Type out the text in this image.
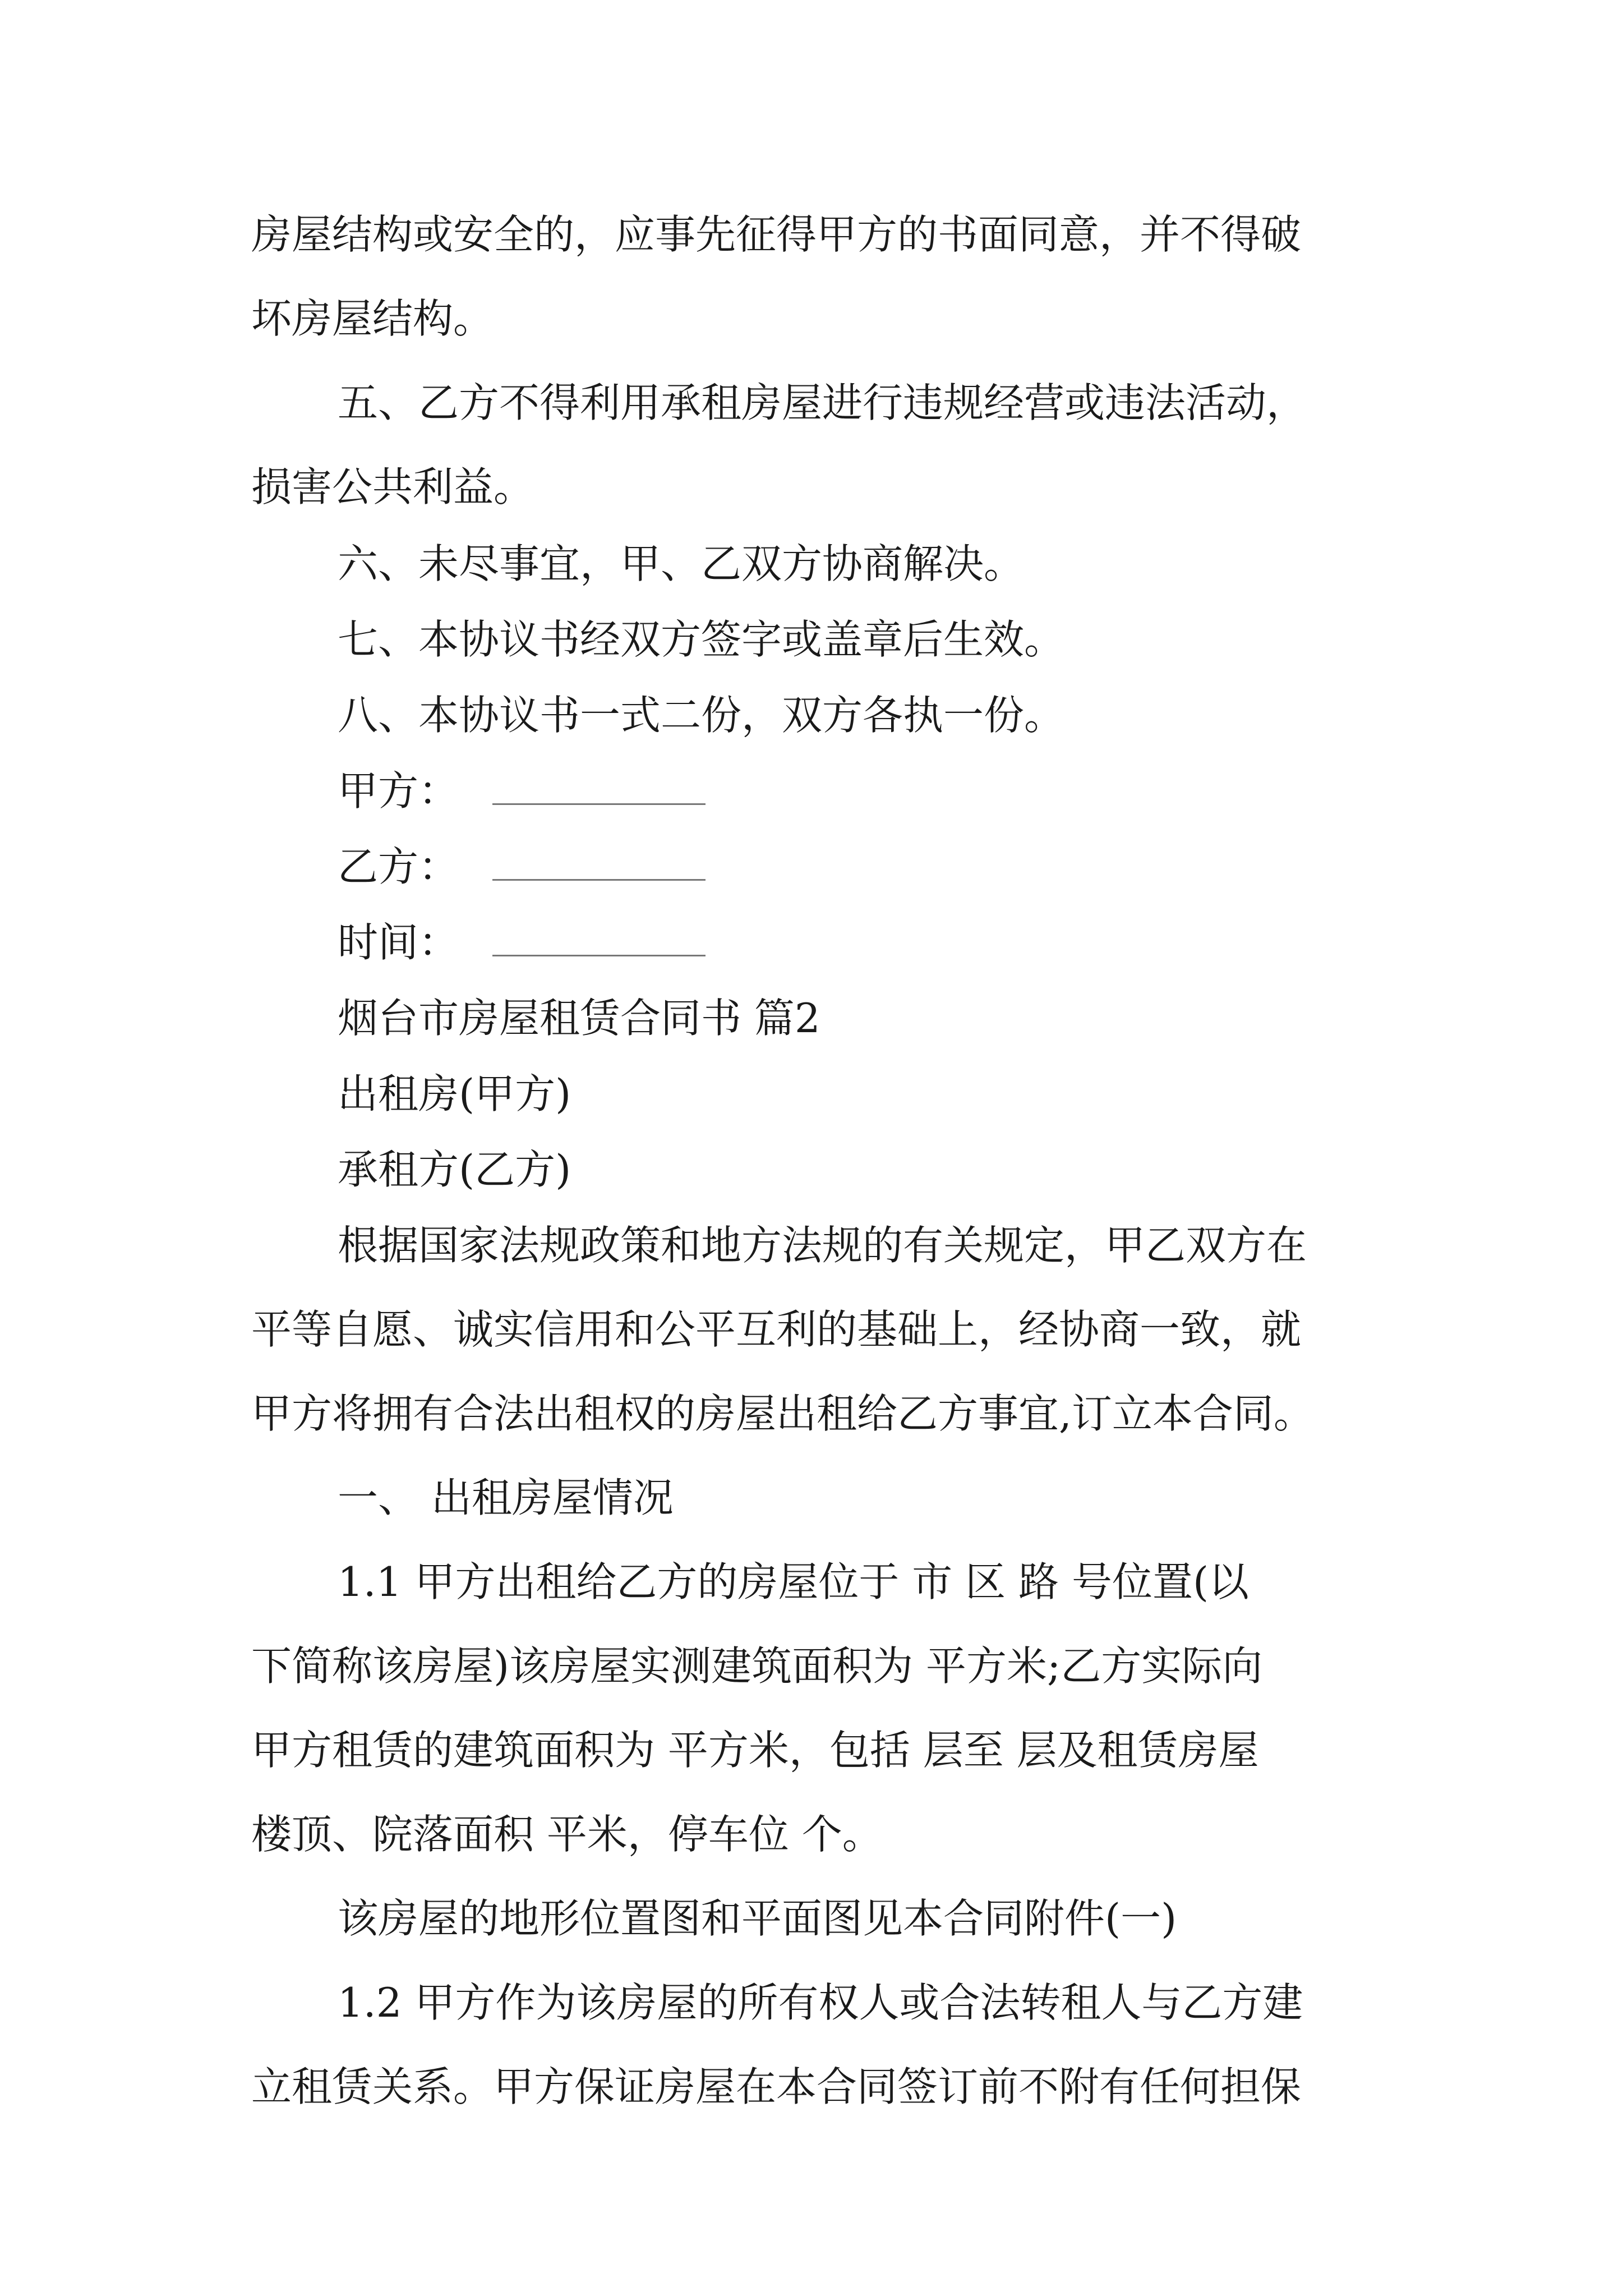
房屋结构或安全的，应事先征得甲方的书面同意，并不得破
坏房屋结构。
五、乙方不得利用承租房屋进行违规经营或违法活动，
损害公共利益。
六、未尽事宜，甲、乙双方协商解决。
七、本协议书经双方签字或盖章后生效。
八、本协议书一式二份，双方各执一份。
甲方：
乙方：
时间：
烟台市房屋租赁合同书 篇2
出租房(甲方)
承租方(乙方)
根据国家法规政策和地方法规的有关规定，甲乙双方在
平等自愿、诚实信用和公平互利的基础上，经协商一致，就
甲方将拥有合法出租权的房屋出租给乙方事宜,订立本合同。
一、 出租房屋情况
1.1 甲方出租给乙方的房屋位于 市 区 路 号位置(以
下简称该房屋)该房屋实测建筑面积为 平方米;乙方实际向
甲方租赁的建筑面积为 平方米，包括 层至 层及租赁房屋
楼顶、院落面积 平米，停车位 个。
该房屋的地形位置图和平面图见本合同附件(一)
1.2 甲方作为该房屋的所有权人或合法转租人与乙方建
立租赁关系。甲方保证房屋在本合同签订前不附有任何担保
